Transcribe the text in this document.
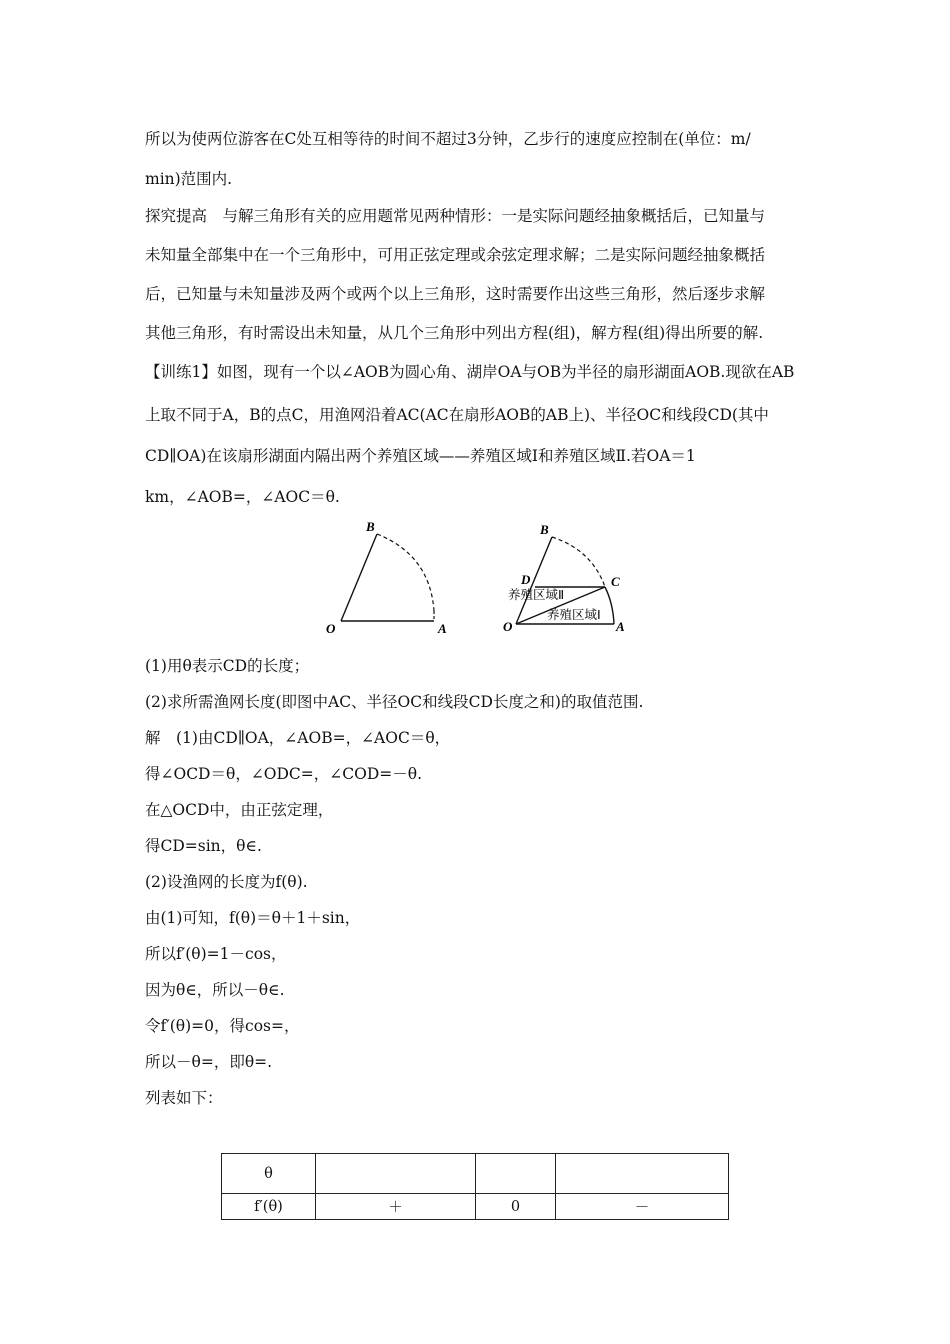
所以为使两位游客在C处互相等待的时间不超过3分钟，乙步行的速度应控制在(单位：m/
min)范围内.
探究提高　与解三角形有关的应用题常见两种情形：一是实际问题经抽象概括后，已知量与
未知量全部集中在一个三角形中，可用正弦定理或余弦定理求解；二是实际问题经抽象概括
后，已知量与未知量涉及两个或两个以上三角形，这时需要作出这些三角形，然后逐步求解
其他三角形，有时需设出未知量，从几个三角形中列出方程(组)，解方程(组)得出所要的解.
【训练1】如图，现有一个以∠AOB为圆心角、湖岸OA与OB为半径的扇形湖面AOB.现欲在AB
上取不同于A，B的点C，用渔网沿着AC(AC在扇形AOB的AB上)、半径OC和线段CD(其中
CD∥OA)在该扇形湖面内隔出两个养殖区域——养殖区域Ⅰ和养殖区域Ⅱ.若OA＝1
km，∠AOB=，∠AOC＝θ.
B
O	A
B
D	C
O	A
养殖区域Ⅱ
养殖区域Ⅰ
(1)用θ表示CD的长度；
(2)求所需渔网长度(即图中AC、半径OC和线段CD长度之和)的取值范围.
解　(1)由CD∥OA，∠AOB=，∠AOC＝θ，
得∠OCD＝θ，∠ODC=，∠COD=－θ.
在△OCD中，由正弦定理，
得CD=sin，θ∈.
(2)设渔网的长度为f(θ).
由(1)可知，f(θ)＝θ＋1＋sin，
所以f′(θ)=1－cos，
因为θ∈，所以－θ∈.
令f′(θ)=0，得cos=，
所以－θ=，即θ=.
列表如下：
θ			
f′(θ)	＋	0	－
